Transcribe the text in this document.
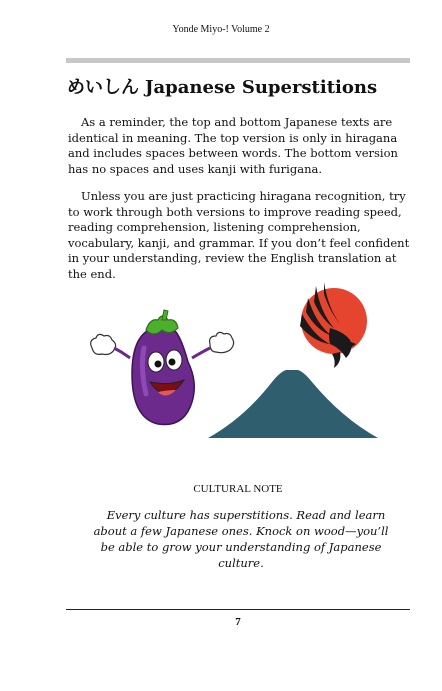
Yonde Miyo-! Volume 2
めいしん Japanese Superstitions

As a reminder, the top and bottom Japanese texts are identical in meaning. The top version is only in hiragana and includes spaces between words. The bottom version has no spaces and uses kanji with furigana.

Unless you are just practicing hiragana recognition, try to work through both versions to improve reading speed, reading comprehension, listening comprehension, vocabulary, kanji, and grammar. If you don’t feel confident in your understanding, review the English translation at the end.

CULTURAL NOTE

Every culture has superstitions. Read and learn about a few Japanese ones. Knock on wood—you’ll be able to grow your understanding of Japanese culture.

7
